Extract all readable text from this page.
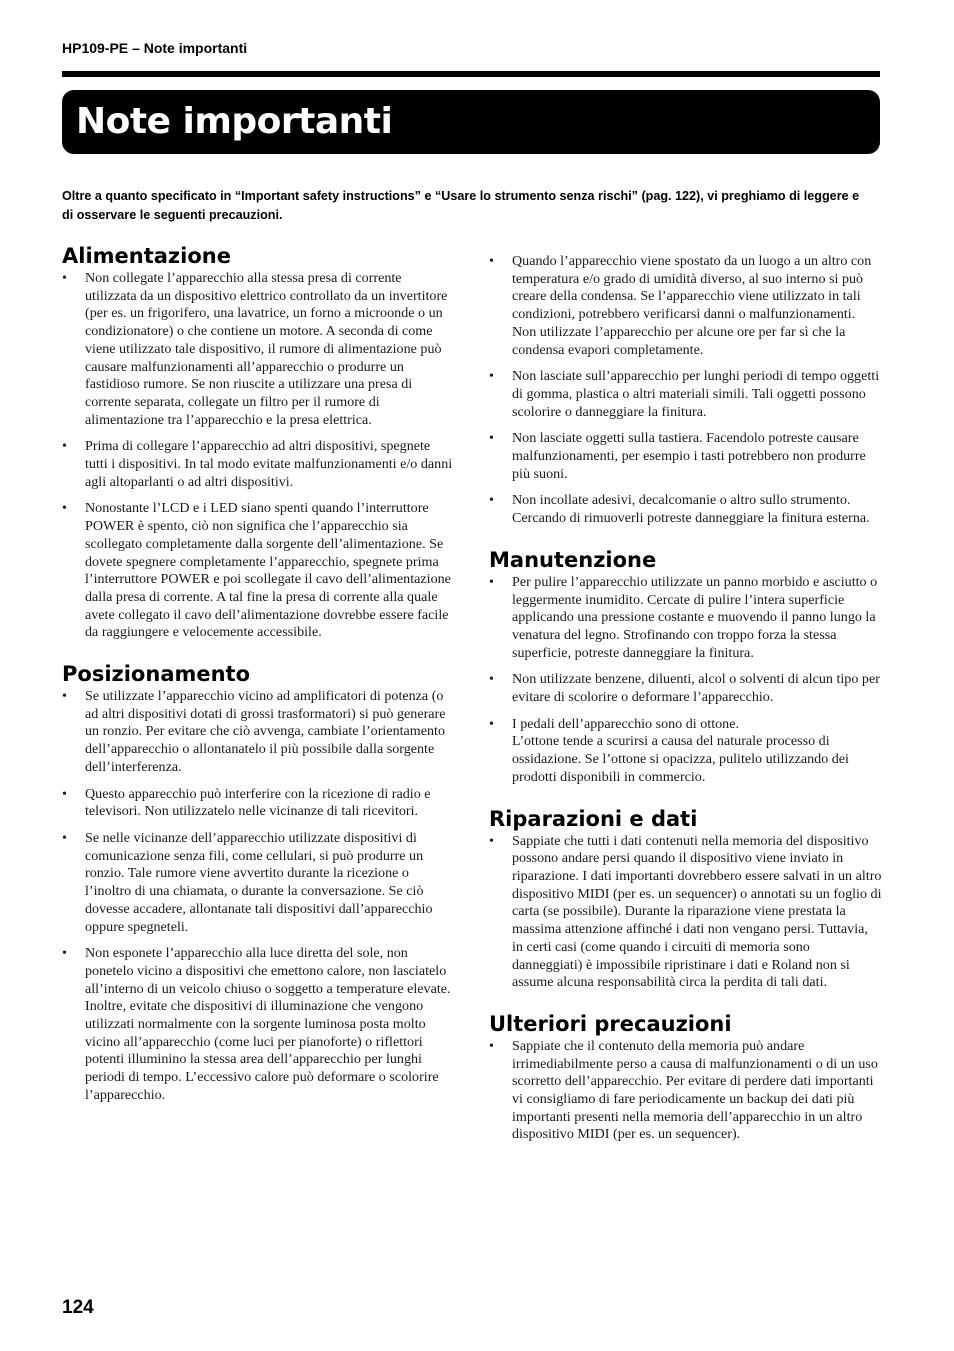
HP109-PE – Note importanti
Note importanti

Oltre a quanto specificato in “Important safety instructions” e “Usare lo strumento senza rischi” (pag. 122), vi preghiamo di leggere e di osservare le seguenti precauzioni.

Alimentazione
• Non collegate l’apparecchio alla stessa presa di corrente utilizzata da un dispositivo elettrico controllato da un invertitore (per es. un frigorifero, una lavatrice, un forno a microonde o un condizionatore) o che contiene un motore. A seconda di come viene utilizzato tale dispositivo, il rumore di alimentazione può causare malfunzionamenti all’apparecchio o produrre un fastidioso rumore. Se non riuscite a utilizzare una presa di corrente separata, collegate un filtro per il rumore di alimentazione tra l’apparecchio e la presa elettrica.
• Prima di collegare l’apparecchio ad altri dispositivi, spegnete tutti i dispositivi. In tal modo evitate malfunzionamenti e/o danni agli altoparlanti o ad altri dispositivi.
• Nonostante l’LCD e i LED siano spenti quando l’interruttore POWER è spento, ciò non significa che l’apparecchio sia scollegato completamente dalla sorgente dell’alimentazione. Se dovete spegnere completamente l’apparecchio, spegnete prima l’interruttore POWER e poi scollegate il cavo dell’alimentazione dalla presa di corrente. A tal fine la presa di corrente alla quale avete collegato il cavo dell’alimentazione dovrebbe essere facile da raggiungere e velocemente accessibile.
Posizionamento
• Se utilizzate l’apparecchio vicino ad amplificatori di potenza (o ad altri dispositivi dotati di grossi trasformatori) si può generare un ronzio. Per evitare che ciò avvenga, cambiate l’orientamento dell’apparecchio o allontanatelo il più possibile dalla sorgente dell’interferenza.
• Questo apparecchio può interferire con la ricezione di radio e televisori. Non utilizzatelo nelle vicinanze di tali ricevitori.
• Se nelle vicinanze dell’apparecchio utilizzate dispositivi di comunicazione senza fili, come cellulari, si può produrre un ronzio. Tale rumore viene avvertito durante la ricezione o l’inoltro di una chiamata, o durante la conversazione. Se ciò dovesse accadere, allontanate tali dispositivi dall’apparecchio oppure spegneteli.
• Non esponete l’apparecchio alla luce diretta del sole, non ponetelo vicino a dispositivi che emettono calore, non lasciatelo all’interno di un veicolo chiuso o soggetto a temperature elevate. Inoltre, evitate che dispositivi di illuminazione che vengono utilizzati normalmente con la sorgente luminosa posta molto vicino all’apparecchio (come luci per pianoforte) o riflettori potenti illuminino la stessa area dell’apparecchio per lunghi periodi di tempo. L’eccessivo calore può deformare o scolorire l’apparecchio.
• Quando l’apparecchio viene spostato da un luogo a un altro con temperatura e/o grado di umidità diverso, al suo interno si può creare della condensa. Se l’apparecchio viene utilizzato in tali condizioni, potrebbero verificarsi danni o malfunzionamenti. Non utilizzate l’apparecchio per alcune ore per far sì che la condensa evapori completamente.
• Non lasciate sull’apparecchio per lunghi periodi di tempo oggetti di gomma, plastica o altri materiali simili. Tali oggetti possono scolorire o danneggiare la finitura.
• Non lasciate oggetti sulla tastiera. Facendolo potreste causare malfunzionamenti, per esempio i tasti potrebbero non produrre più suoni.
• Non incollate adesivi, decalcomanie o altro sullo strumento. Cercando di rimuoverli potreste danneggiare la finitura esterna.
Manutenzione
• Per pulire l’apparecchio utilizzate un panno morbido e asciutto o leggermente inumidito. Cercate di pulire l’intera superficie applicando una pressione costante e muovendo il panno lungo la venatura del legno. Strofinando con troppo forza la stessa superficie, potreste danneggiare la finitura.
• Non utilizzate benzene, diluenti, alcol o solventi di alcun tipo per evitare di scolorire o deformare l’apparecchio.
• I pedali dell’apparecchio sono di ottone.
L’ottone tende a scurirsi a causa del naturale processo di ossidazione. Se l’ottone si opacizza, pulitelo utilizzando dei prodotti disponibili in commercio.
Riparazioni e dati
• Sappiate che tutti i dati contenuti nella memoria del dispositivo possono andare persi quando il dispositivo viene inviato in riparazione. I dati importanti dovrebbero essere salvati in un altro dispositivo MIDI (per es. un sequencer) o annotati su un foglio di carta (se possibile). Durante la riparazione viene prestata la massima attenzione affinché i dati non vengano persi. Tuttavia, in certi casi (come quando i circuiti di memoria sono danneggiati) è impossibile ripristinare i dati e Roland non si assume alcuna responsabilità circa la perdita di tali dati.
Ulteriori precauzioni
• Sappiate che il contenuto della memoria può andare irrimediabilmente perso a causa di malfunzionamenti o di un uso scorretto dell’apparecchio. Per evitare di perdere dati importanti vi consigliamo di fare periodicamente un backup dei dati più importanti presenti nella memoria dell’apparecchio in un altro dispositivo MIDI (per es. un sequencer).
124
